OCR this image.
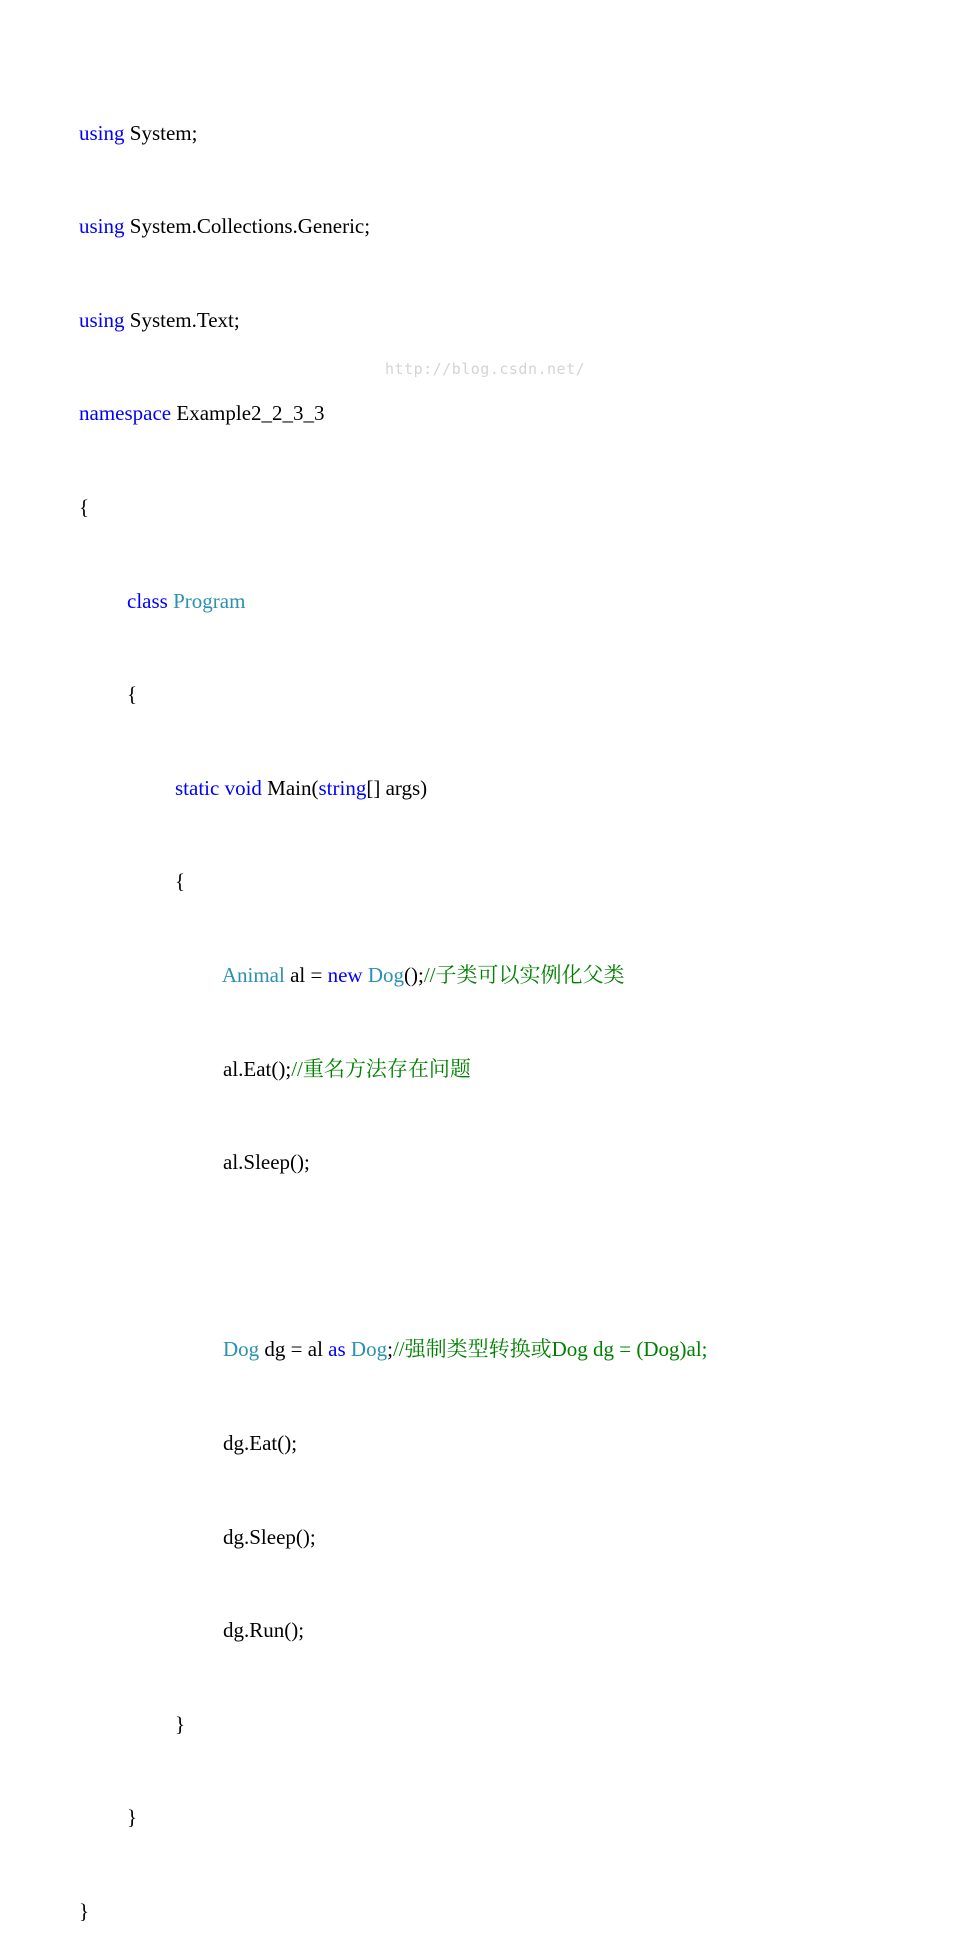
using System;

using System.Collections.Generic;

using System.Text;

namespace Example2_2_3_3

{

class Program

{

static void Main(string[] args)

{

Animal al = new Dog();//子类可以实例化父类

al.Eat();//重名方法存在问题

al.Sleep();

Dog dg = al as Dog;//强制类型转换或Dog dg = (Dog)al;

dg.Eat();

dg.Sleep();

dg.Run();

}

}

}

http://blog.csdn.net/
